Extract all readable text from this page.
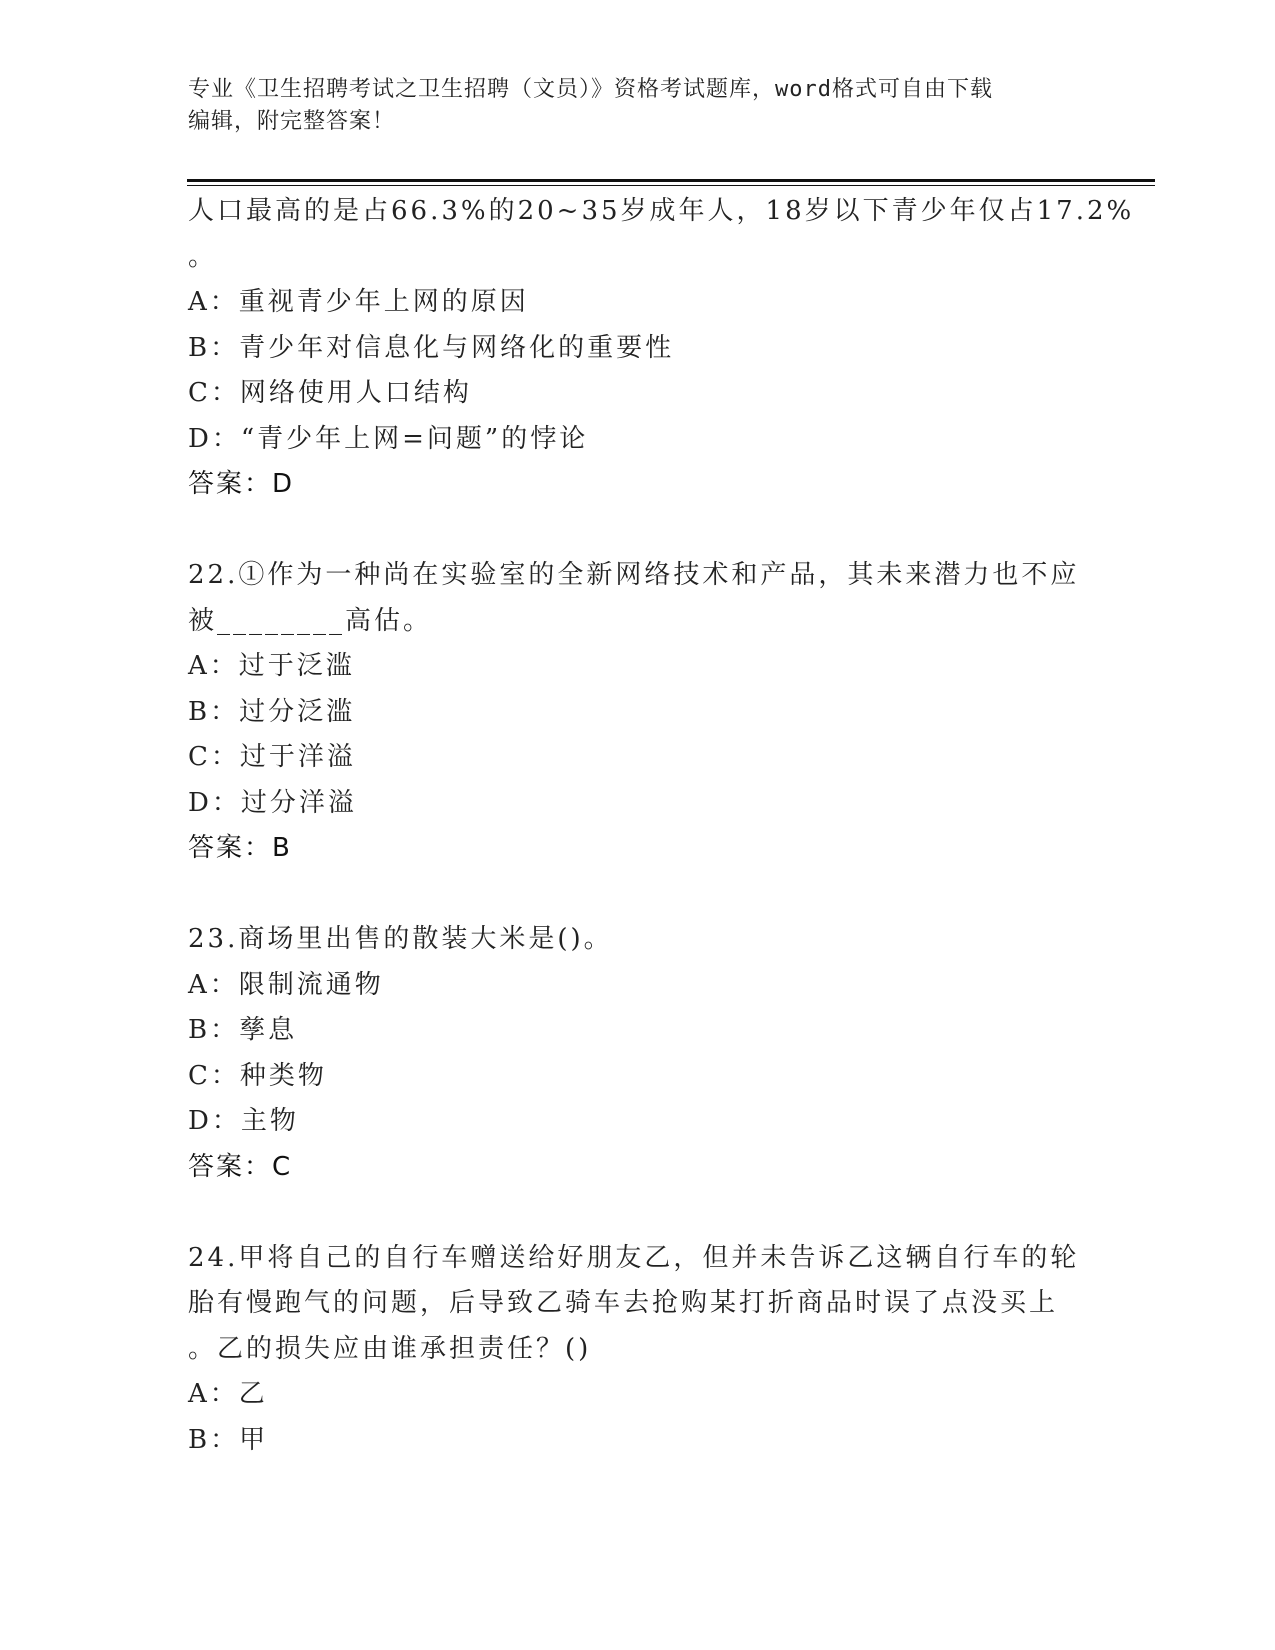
专业《卫生招聘考试之卫生招聘（文员）》资格考试题库，word格式可自由下载
编辑，附完整答案！
人口最高的是占66.3%的20~35岁成年人，18岁以下青少年仅占17.2%
。
A：重视青少年上网的原因
B：青少年对信息化与网络化的重要性
C：网络使用人口结构
D：“青少年上网=问题”的悖论
答案：D
22.①作为一种尚在实验室的全新网络技术和产品，其未来潜力也不应
被________高估。
A：过于泛滥
B：过分泛滥
C：过于洋溢
D：过分洋溢
答案：B
23.商场里出售的散装大米是()。
A：限制流通物
B：孳息
C：种类物
D：主物
答案：C
24.甲将自己的自行车赠送给好朋友乙，但并未告诉乙这辆自行车的轮
胎有慢跑气的问题，后导致乙骑车去抢购某打折商品时误了点没买上
。乙的损失应由谁承担责任？()
A：乙
B：甲
